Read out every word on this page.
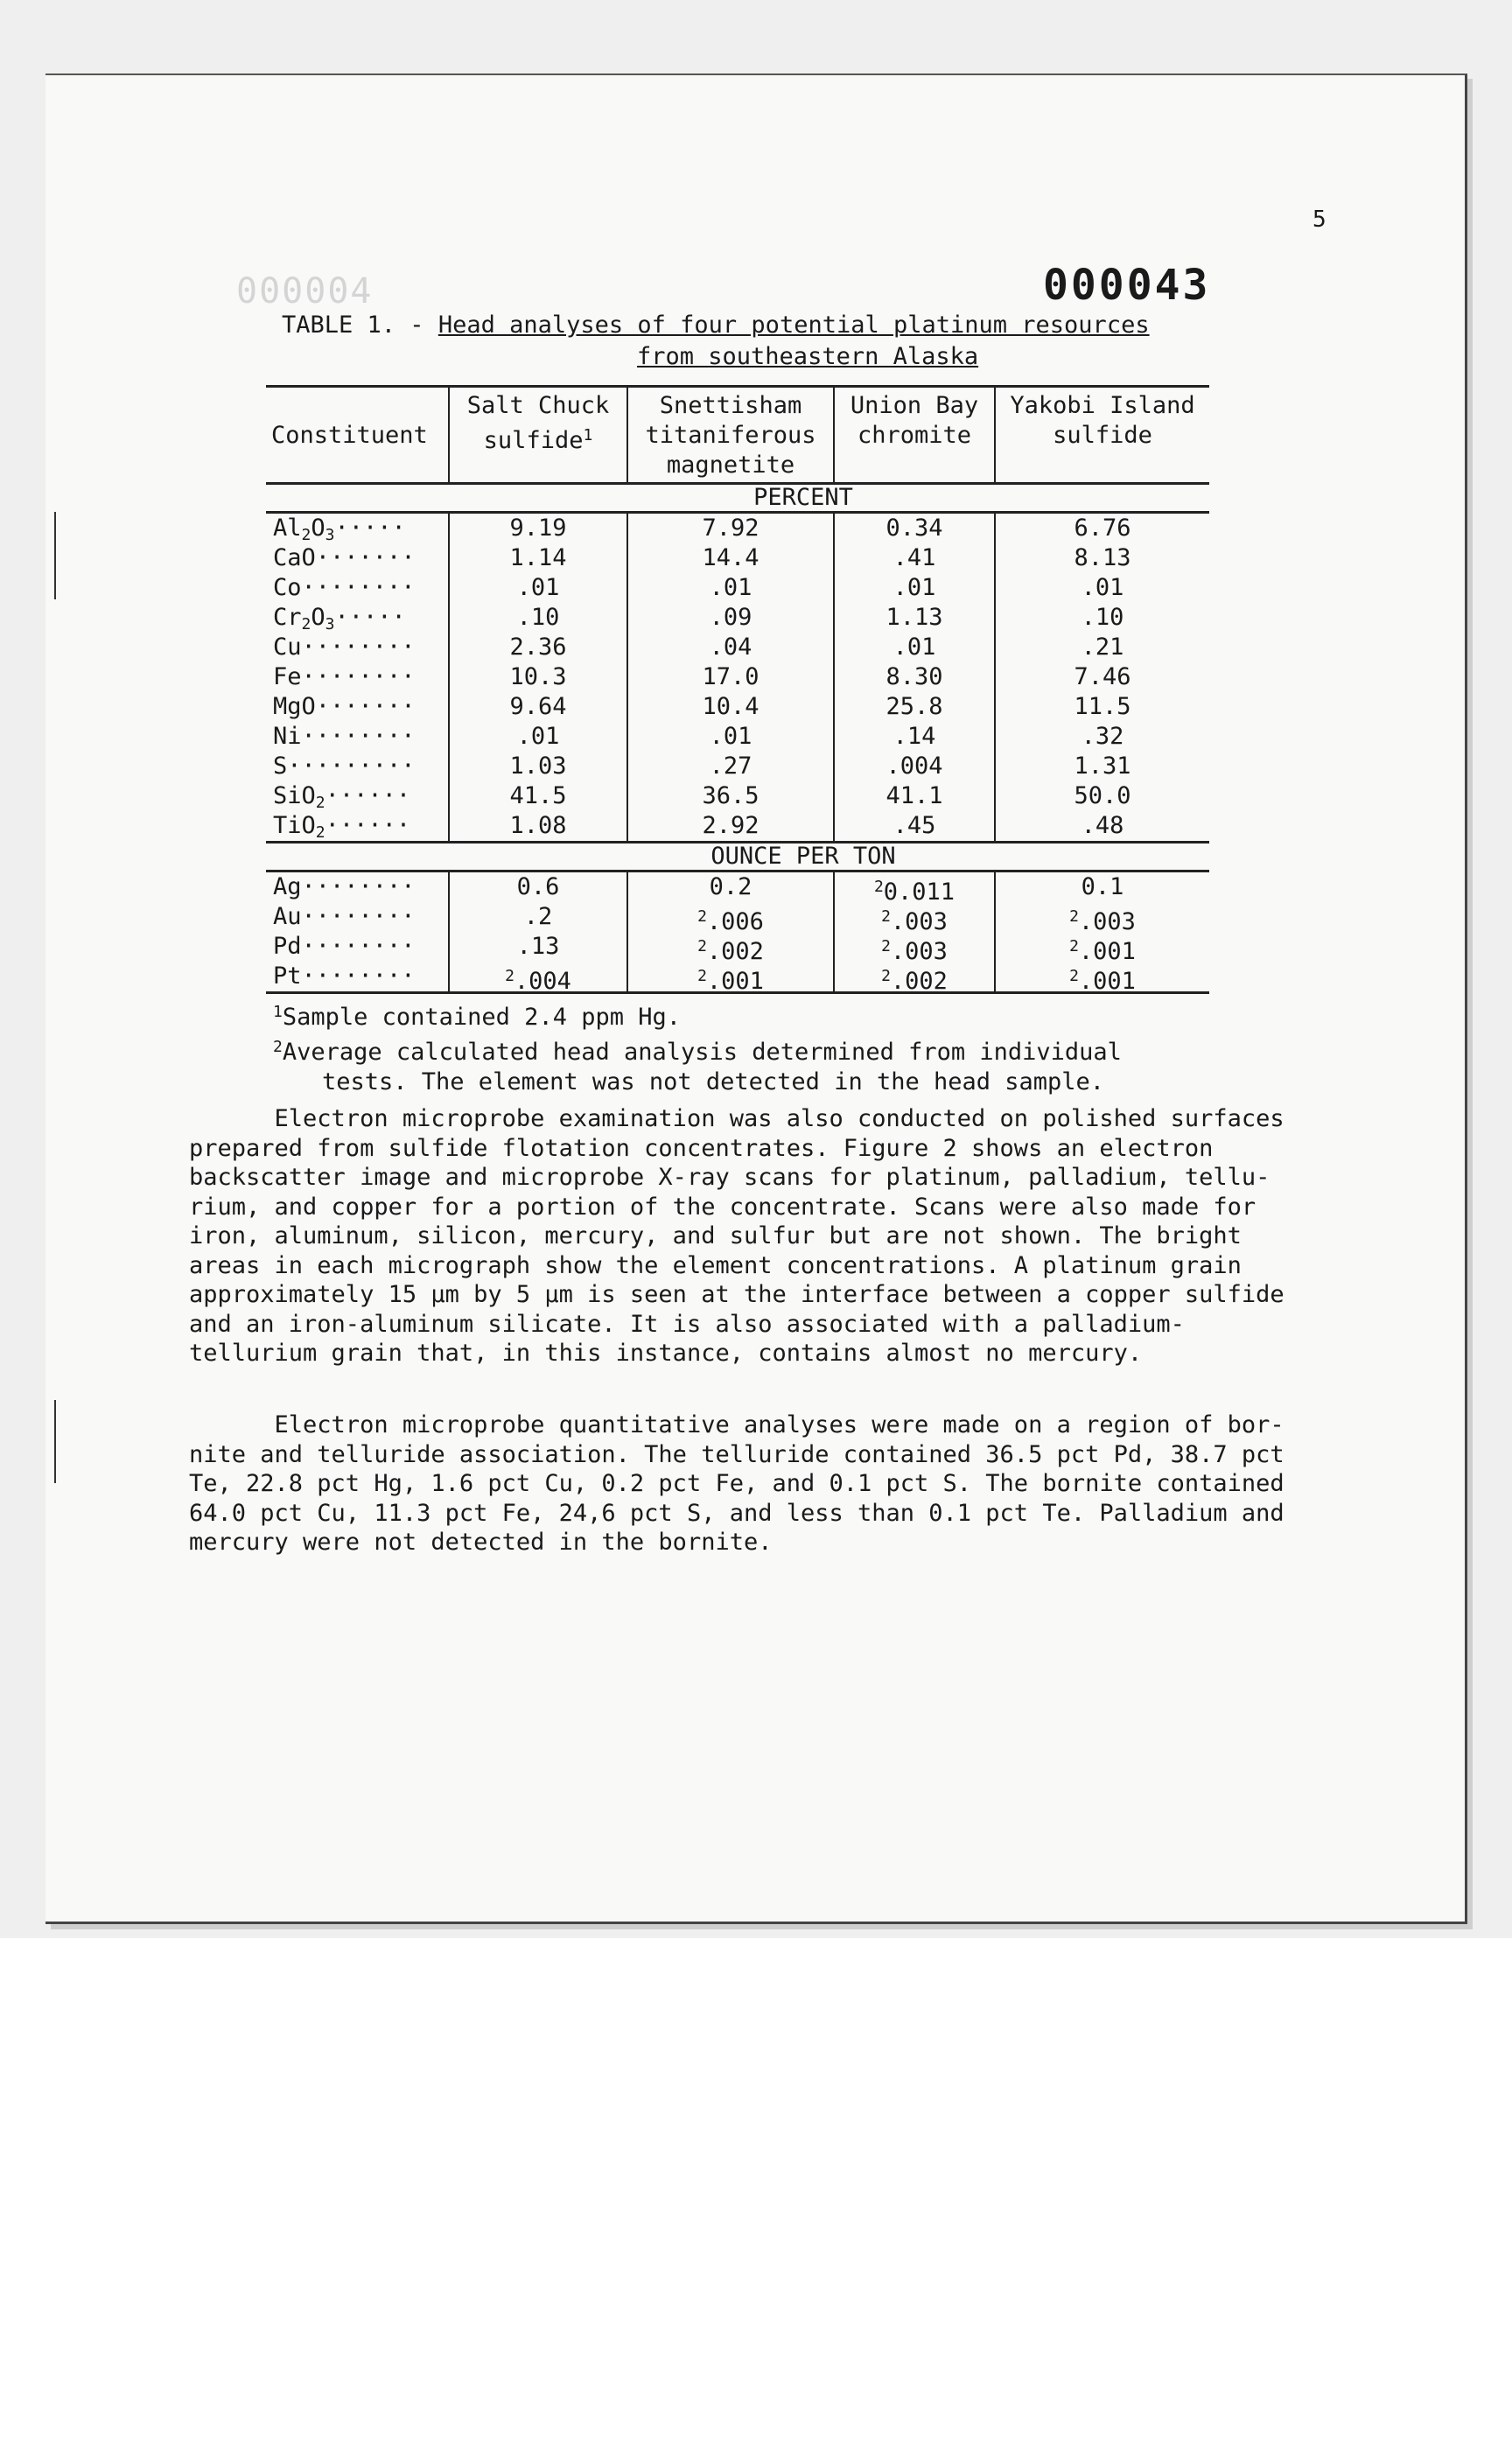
5
000004	000043
TABLE 1. - Head analyses of four potential platinum resources
from southeastern Alaska
Constituent
Salt Chuck
sulfide$^1$
Snettisham
titaniferous
magnetite
Union Bay
chromite
Yakobi Island
sulfide
PERCENT
$Al_2O_3\cdot\cdot\cdot\cdot\cdot$
CaO·······
Co········
$Cr_2O_3\cdot\cdot\cdot\cdot\cdot$
Cu········
Fe········
MgO·······
Ni········
S·········
SiO$_2$······
TiO$_2$······
9.19
1.14
.01
.10
2.36
10.3
9.64
.01
1.03
41.5
1.08
7.92
14.4
.01
.09
.04
17.0
10.4
.01
.27
36.5
2.92
0.34
.41
.01
1.13
.01
8.30
25.8
.14
.004
41.1
.45
6.76
8.13
.01
.10
.21
7.46
11.5
.32
1.31
50.0
.48
OUNCE PER TON
Ag········
Au········
Pd········
Pt········
0.6
.2
.13
$^2$.004
0.2
$^2$.006
$^2$.002
$^2$.001
$^2$0.011
$^2$.003
$^2$.003
$^2$.002
0.1
$^2$.003
$^2$.001
$^2$.001
$^1$Sample contained 2.4 ppm Hg.
$^2$Average calculated head analysis determined from individual
tests. The element was not detected in the head sample.
Electron microprobe examination was also conducted on polished surfaces
prepared from sulfide flotation concentrates. Figure 2 shows an electron
backscatter image and microprobe X-ray scans for platinum, palladium, tellu-
rium, and copper for a portion of the concentrate. Scans were also made for
iron, aluminum, silicon, mercury, and sulfur but are not shown. The bright
areas in each micrograph show the element concentrations. A platinum grain
approximately 15 µm by 5 µm is seen at the interface between a copper sulfide
and an iron-aluminum silicate. It is also associated with a palladium-
tellurium grain that, in this instance, contains almost no mercury.
Electron microprobe quantitative analyses were made on a region of bor-
nite and telluride association. The telluride contained 36.5 pct Pd, 38.7 pct
Te, 22.8 pct Hg, 1.6 pct Cu, 0.2 pct Fe, and 0.1 pct S. The bornite contained
64.0 pct Cu, 11.3 pct Fe, 24,6 pct S, and less than 0.1 pct Te. Palladium and
mercury were not detected in the bornite.
